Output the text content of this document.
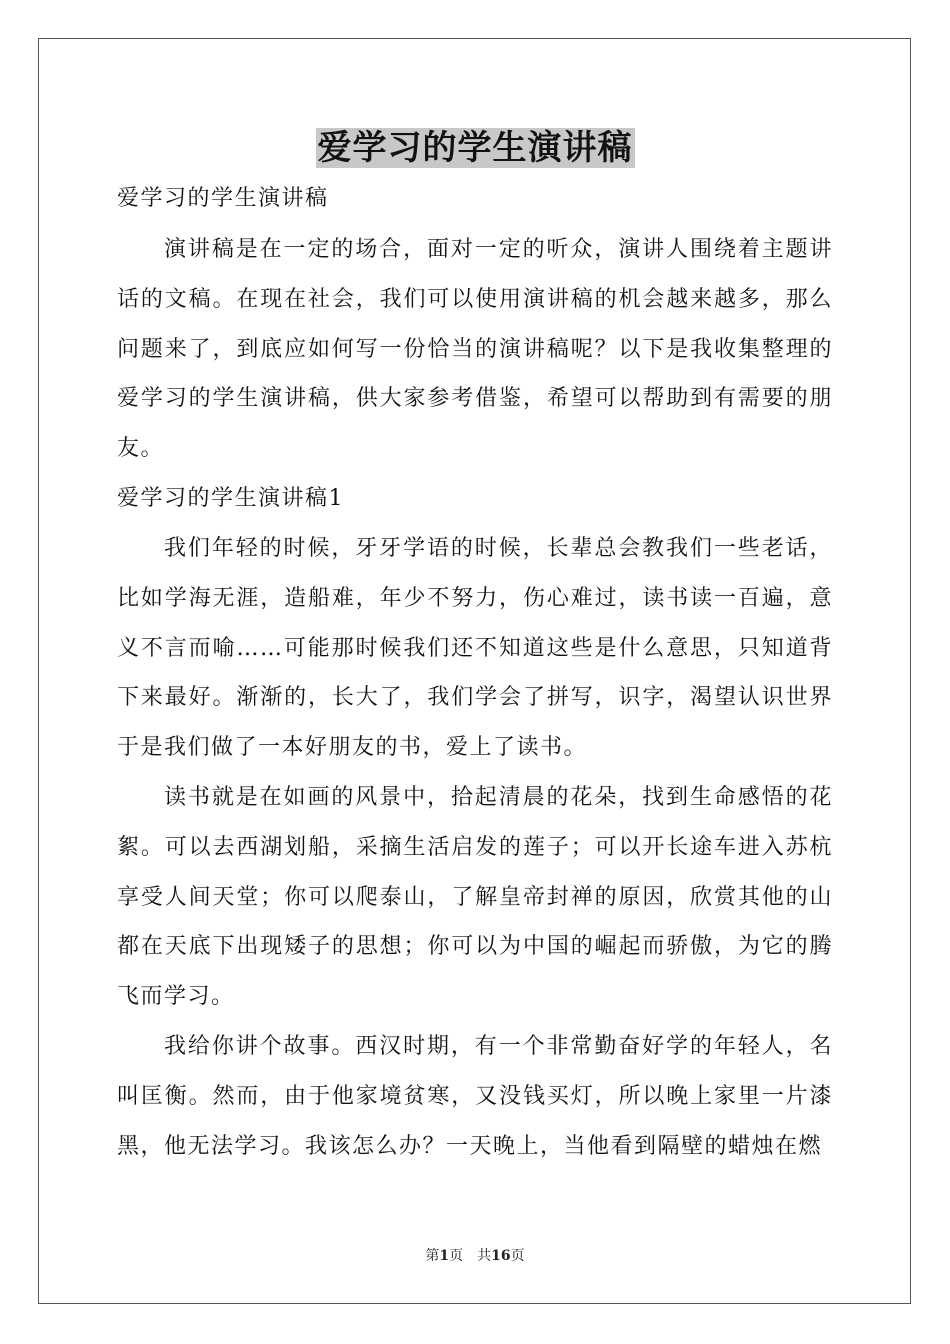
爱学习的学生演讲稿

爱学习的学生演讲稿

演讲稿是在一定的场合，面对一定的听众，演讲人围绕着主题讲话的文稿。在现在社会，我们可以使用演讲稿的机会越来越多，那么问题来了，到底应如何写一份恰当的演讲稿呢？以下是我收集整理的爱学习的学生演讲稿，供大家参考借鉴，希望可以帮助到有需要的朋友。

爱学习的学生演讲稿1

我们年轻的时候，牙牙学语的时候，长辈总会教我们一些老话，比如学海无涯，造船难，年少不努力，伤心难过，读书读一百遍，意义不言而喻……可能那时候我们还不知道这些是什么意思，只知道背下来最好。渐渐的，长大了，我们学会了拼写，识字，渴望认识世界于是我们做了一本好朋友的书，爱上了读书。

读书就是在如画的风景中，拾起清晨的花朵，找到生命感悟的花絮。可以去西湖划船，采摘生活启发的莲子；可以开长途车进入苏杭享受人间天堂；你可以爬泰山，了解皇帝封禅的原因，欣赏其他的山都在天底下出现矮子的思想；你可以为中国的崛起而骄傲，为它的腾飞而学习。

我给你讲个故事。西汉时期，有一个非常勤奋好学的年轻人，名叫匡衡。然而，由于他家境贫寒，又没钱买灯，所以晚上家里一片漆黑，他无法学习。我该怎么办？一天晚上，当他看到隔壁的蜡烛在燃

第1页 共16页
